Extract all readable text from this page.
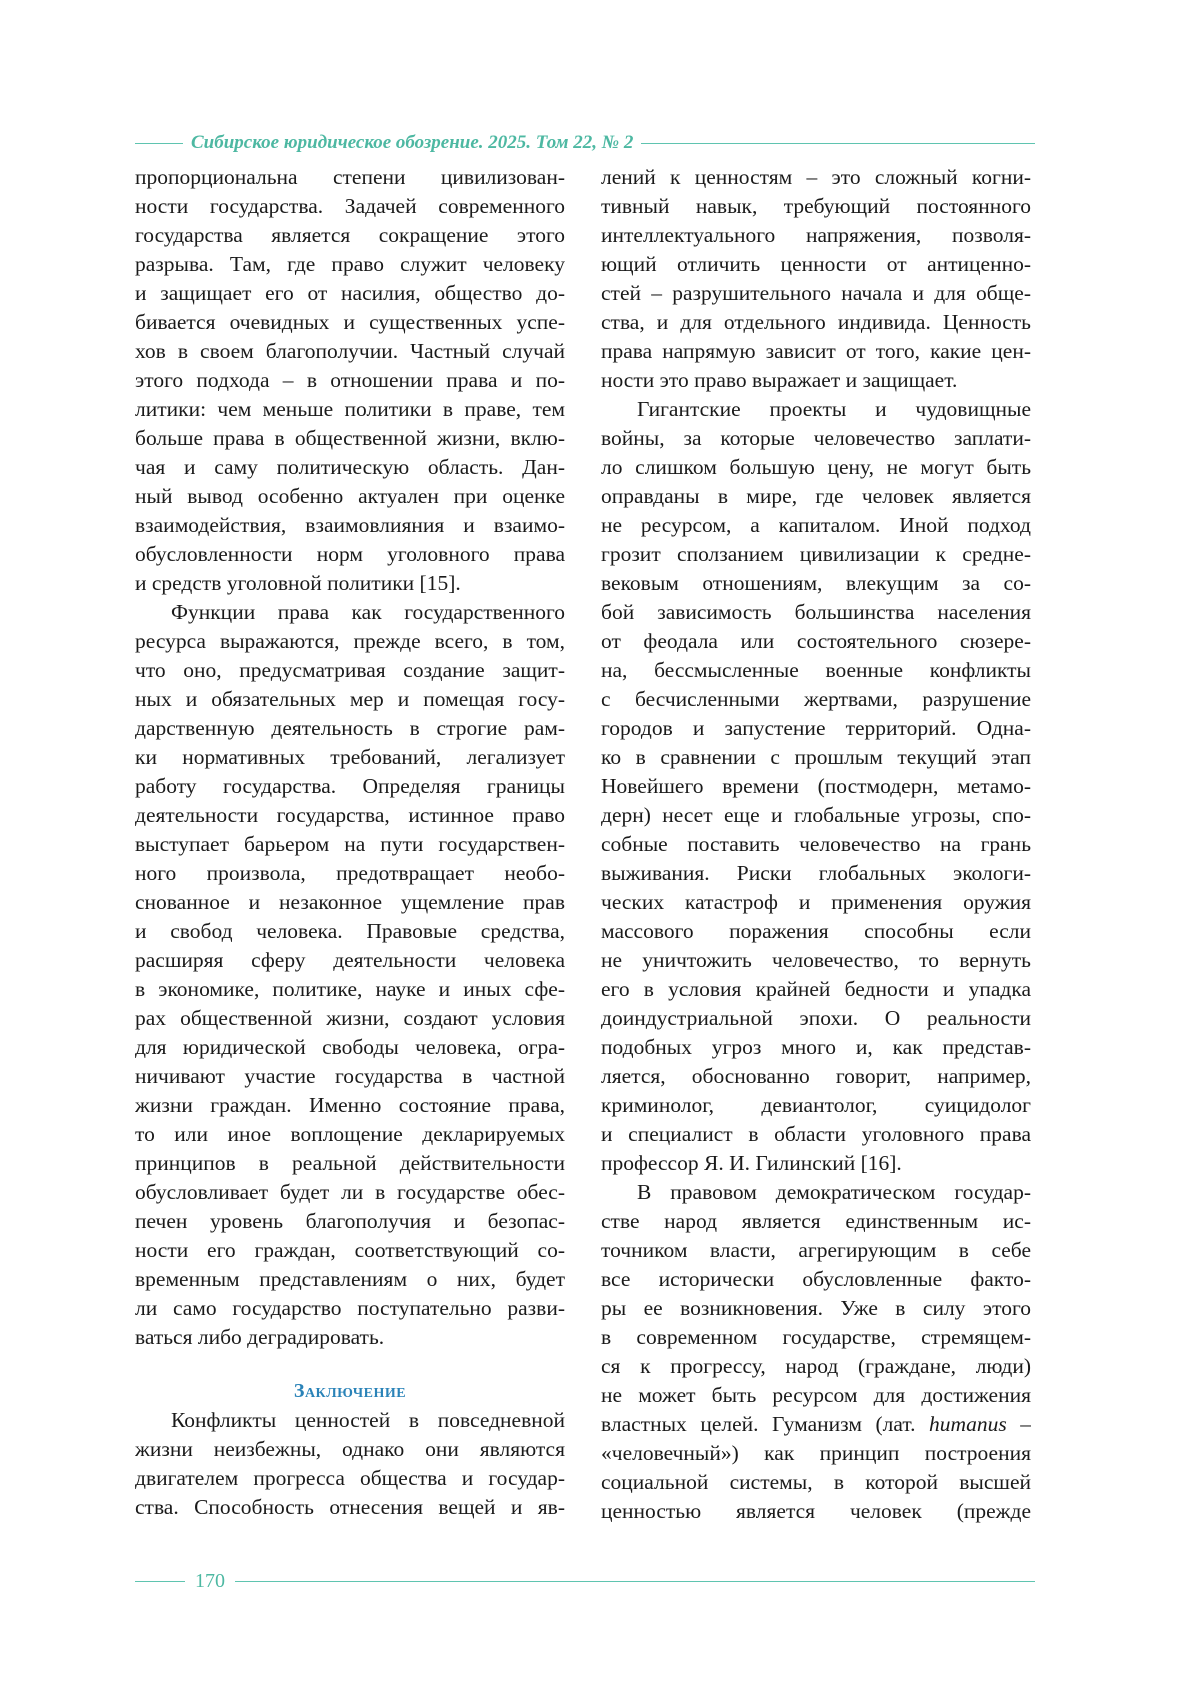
Сибирское юридическое обозрение. 2025. Том 22, № 2
пропорциональна степени цивилизован-
ности государства. Задачей современного
государства является сокращение этого
разрыва. Там, где право служит человеку
и защищает его от насилия, общество до-
бивается очевидных и существенных успе-
хов в своем благополучии. Частный случай
этого подхода – в отношении права и по-
литики: чем меньше политики в праве, тем
больше права в общественной жизни, вклю-
чая и саму политическую область. Дан-
ный вывод особенно актуален при оценке
взаимодействия, взаимовлияния и взаимо-
обусловленности норм уголовного права
и средств уголовной политики [15].
Функции права как государственного
ресурса выражаются, прежде всего, в том,
что оно, предусматривая создание защит-
ных и обязательных мер и помещая госу-
дарственную деятельность в строгие рам-
ки нормативных требований, легализует
работу государства. Определяя границы
деятельности государства, истинное право
выступает барьером на пути государствен-
ного произвола, предотвращает необо-
снованное и незаконное ущемление прав
и свобод человека. Правовые средства,
расширяя сферу деятельности человека
в экономике, политике, науке и иных сфе-
рах общественной жизни, создают условия
для юридической свободы человека, огра-
ничивают участие государства в частной
жизни граждан. Именно состояние права,
то или иное воплощение декларируемых
принципов в реальной действительности
обусловливает будет ли в государстве обес-
печен уровень благополучия и безопас-
ности его граждан, соответствующий со-
временным представлениям о них, будет
ли само государство поступательно разви-
ваться либо деградировать.
Заключение
Конфликты ценностей в повседневной
жизни неизбежны, однако они являются
двигателем прогресса общества и государ-
ства. Способность отнесения вещей и яв-
лений к ценностям – это сложный когни-
тивный навык, требующий постоянного
интеллектуального напряжения, позволя-
ющий отличить ценности от антиценно-
стей – разрушительного начала и для обще-
ства, и для отдельного индивида. Ценность
права напрямую зависит от того, какие цен-
ности это право выражает и защищает.
Гигантские проекты и чудовищные
войны, за которые человечество заплати-
ло слишком большую цену, не могут быть
оправданы в мире, где человек является
не ресурсом, а капиталом. Иной подход
грозит сползанием цивилизации к средне-
вековым отношениям, влекущим за со-
бой зависимость большинства населения
от феодала или состоятельного сюзере-
на, бессмысленные военные конфликты
с бесчисленными жертвами, разрушение
городов и запустение территорий. Одна-
ко в сравнении с прошлым текущий этап
Новейшего времени (постмодерн, метамо-
дерн) несет еще и глобальные угрозы, спо-
собные поставить человечество на грань
выживания. Риски глобальных экологи-
ческих катастроф и применения оружия
массового поражения способны если
не уничтожить человечество, то вернуть
его в условия крайней бедности и упадка
доиндустриальной эпохи. О реальности
подобных угроз много и, как представ-
ляется, обоснованно говорит, например,
криминолог, девиантолог, суицидолог
и специалист в области уголовного права
профессор Я. И. Гилинский [16].
В правовом демократическом государ-
стве народ является единственным ис-
точником власти, агрегирующим в себе
все исторически обусловленные факто-
ры ее возникновения. Уже в силу этого
в современном государстве, стремящем-
ся к прогрессу, народ (граждане, люди)
не может быть ресурсом для достижения
властных целей. Гуманизм (лат. humanus –
«человечный») как принцип построения
социальной системы, в которой высшей
ценностью является человек (прежде
170
